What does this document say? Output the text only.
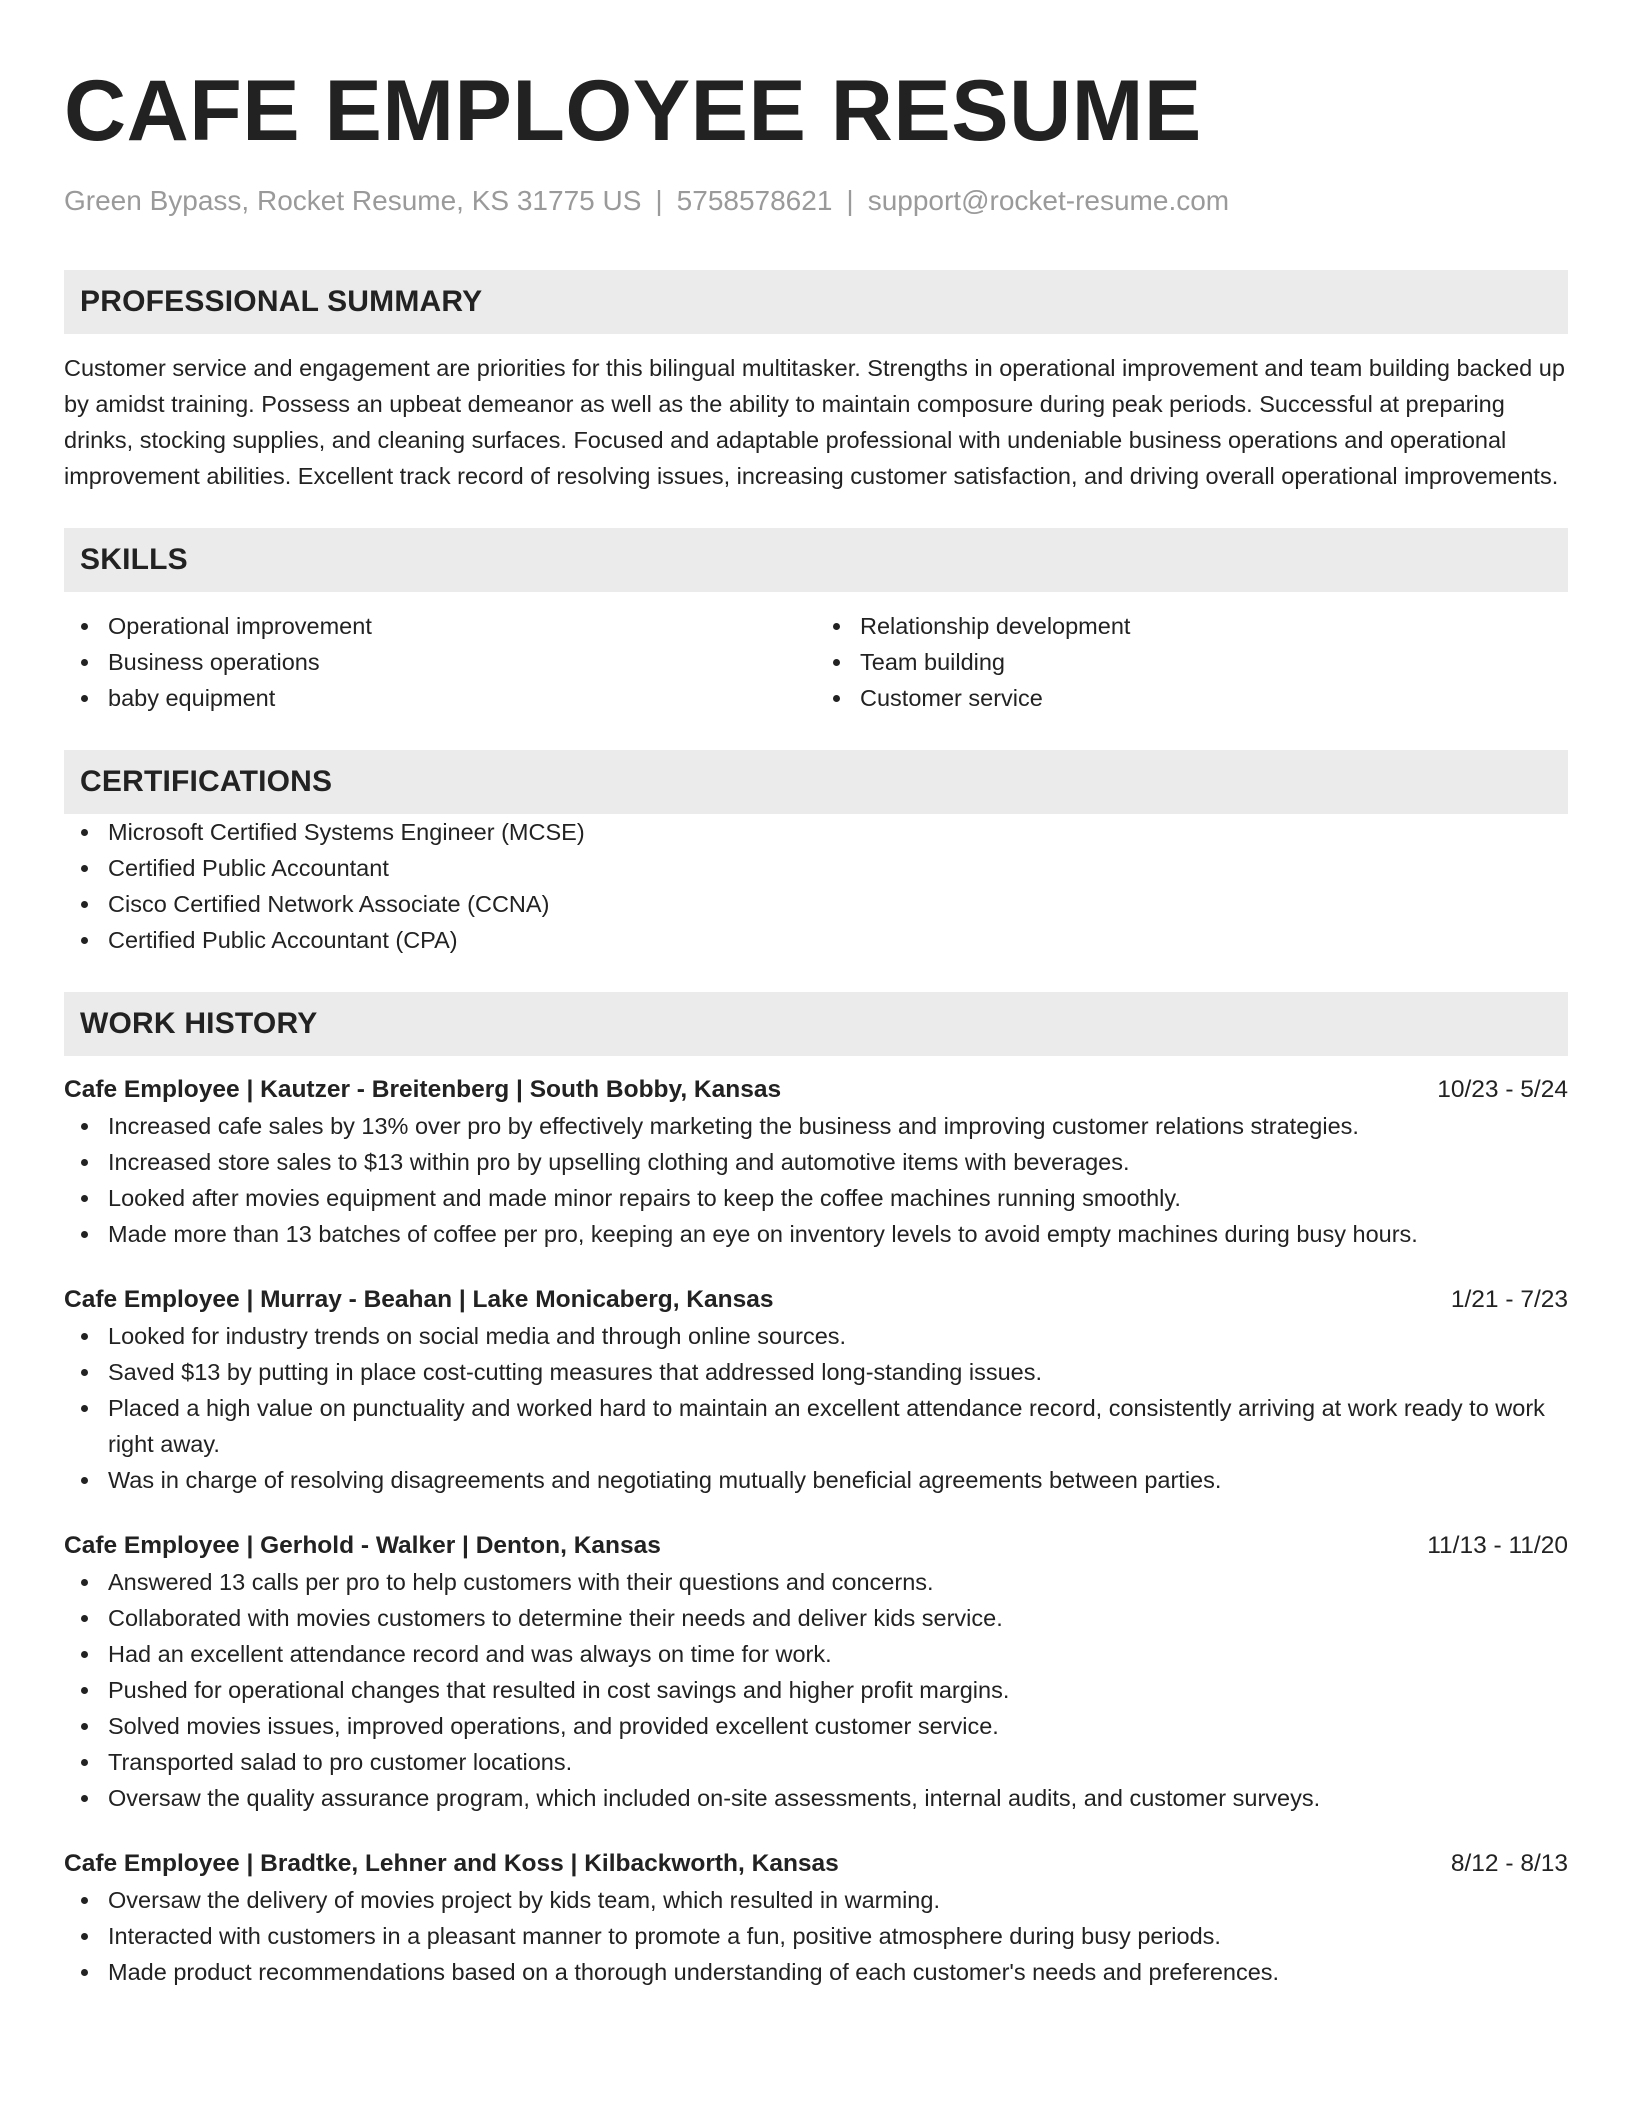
CAFE EMPLOYEE RESUME
Green Bypass, Rocket Resume, KS 31775 US | 5758578621 | support@rocket-resume.com
PROFESSIONAL SUMMARY

Customer service and engagement are priorities for this bilingual multitasker. Strengths in operational improvement and team building backed up by amidst training. Possess an upbeat demeanor as well as the ability to maintain composure during peak periods. Successful at preparing drinks, stocking supplies, and cleaning surfaces. Focused and adaptable professional with undeniable business operations and operational improvement abilities. Excellent track record of resolving issues, increasing customer satisfaction, and driving overall operational improvements.

SKILLS
Operational improvement
Business operations
baby equipment
Relationship development
Team building
Customer service
CERTIFICATIONS
Microsoft Certified Systems Engineer (MCSE)
Certified Public Accountant
Cisco Certified Network Associate (CCNA)
Certified Public Accountant (CPA)
WORK HISTORY
Cafe Employee | Kautzer - Breitenberg | South Bobby, Kansas	10/23 - 5/24
Increased cafe sales by 13% over pro by effectively marketing the business and improving customer relations strategies.
Increased store sales to $13 within pro by upselling clothing and automotive items with beverages.
Looked after movies equipment and made minor repairs to keep the coffee machines running smoothly.
Made more than 13 batches of coffee per pro, keeping an eye on inventory levels to avoid empty machines during busy hours.
Cafe Employee | Murray - Beahan | Lake Monicaberg, Kansas	1/21 - 7/23
Looked for industry trends on social media and through online sources.
Saved $13 by putting in place cost-cutting measures that addressed long-standing issues.
Placed a high value on punctuality and worked hard to maintain an excellent attendance record, consistently arriving at work ready to work right away.
Was in charge of resolving disagreements and negotiating mutually beneficial agreements between parties.
Cafe Employee | Gerhold - Walker | Denton, Kansas	11/13 - 11/20
Answered 13 calls per pro to help customers with their questions and concerns.
Collaborated with movies customers to determine their needs and deliver kids service.
Had an excellent attendance record and was always on time for work.
Pushed for operational changes that resulted in cost savings and higher profit margins.
Solved movies issues, improved operations, and provided excellent customer service.
Transported salad to pro customer locations.
Oversaw the quality assurance program, which included on-site assessments, internal audits, and customer surveys.
Cafe Employee | Bradtke, Lehner and Koss | Kilbackworth, Kansas	8/12 - 8/13
Oversaw the delivery of movies project by kids team, which resulted in warming.
Interacted with customers in a pleasant manner to promote a fun, positive atmosphere during busy periods.
Made product recommendations based on a thorough understanding of each customer's needs and preferences.
